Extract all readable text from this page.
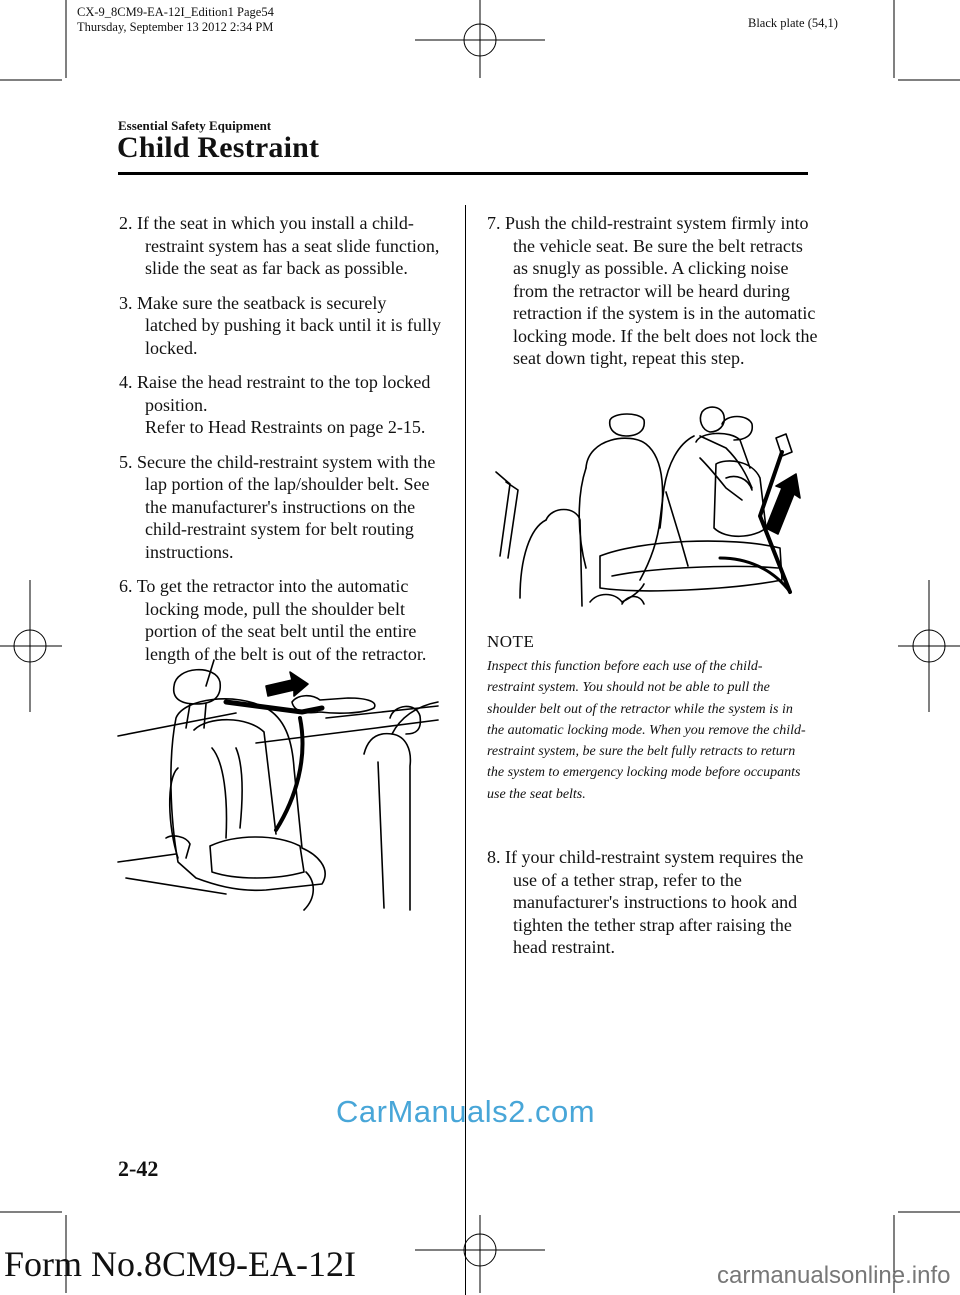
CX-9_8CM9-EA-12I_Edition1 Page54
Thursday, September 13 2012 2:34 PM	Black plate (54,1)
Essential Safety Equipment
Child Restraint
2. If the seat in which you install a child-restraint system has a seat slide function, slide the seat as far back as possible.
3. Make sure the seatback is securely latched by pushing it back until it is fully locked.
4. Raise the head restraint to the top locked position.
Refer to Head Restraints on page 2-15.
5. Secure the child-restraint system with the lap portion of the lap/shoulder belt. See the manufacturer's instructions on the child-restraint system for belt routing instructions.
6. To get the retractor into the automatic locking mode, pull the shoulder belt portion of the seat belt until the entire length of the belt is out of the retractor.
7. Push the child-restraint system firmly into the vehicle seat. Be sure the belt retracts as snugly as possible. A clicking noise from the retractor will be heard during retraction if the system is in the automatic locking mode. If the belt does not lock the seat down tight, repeat this step.
NOTE
Inspect this function before each use of the child-restraint system. You should not be able to pull the shoulder belt out of the retractor while the system is in the automatic locking mode. When you remove the child-restraint system, be sure the belt fully retracts to return the system to emergency locking mode before occupants use the seat belts.
8. If your child-restraint system requires the use of a tether strap, refer to the manufacturer's instructions to hook and tighten the tether strap after raising the head restraint.
2-42
CarManuals2.com
Form No.8CM9-EA-12I	carmanualsonline.info
